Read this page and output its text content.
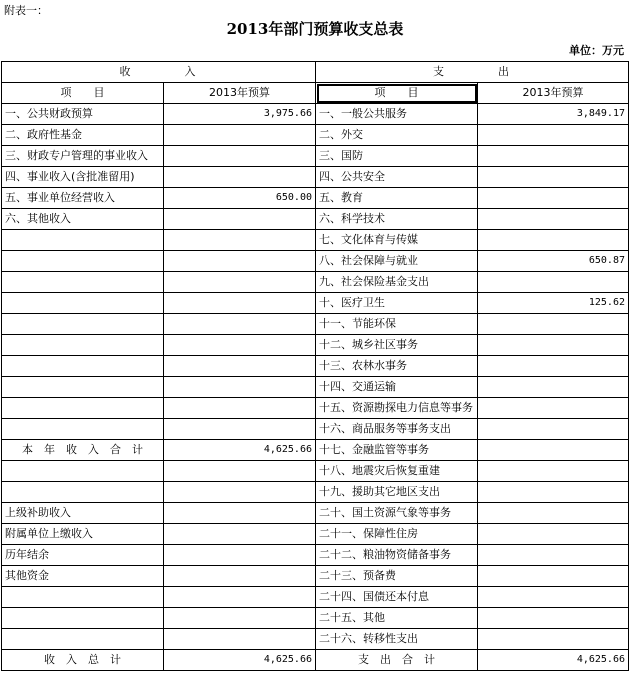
附表一：
2013年部门预算收支总表
单位：万元
收　　　　入		支　　　　出	
项　　目	2013年预算	项　　目	2013年预算
一、公共财政预算	3,975.66	一、一般公共服务	3,849.17
二、政府性基金		二、外交	
三、财政专户管理的事业收入		三、国防	
四、事业收入(含批准留用)		四、公共安全	
五、事业单位经营收入	650.00	五、教育	
六、其他收入		六、科学技术	
		七、文化体育与传媒	
		八、社会保障与就业	650.87
		九、社会保险基金支出	
		十、医疗卫生	125.62
		十一、节能环保	
		十二、城乡社区事务	
		十三、农林水事务	
		十四、交通运输	
		十五、资源勘探电力信息等事务	
		十六、商品服务等事务支出	
本　年　收　入　合　计	4,625.66	十七、金融监管等事务	
		十八、地震灾后恢复重建	
		十九、援助其它地区支出	
上级补助收入		二十、国土资源气象等事务	
附属单位上缴收入		二十一、保障性住房	
历年结余		二十二、粮油物资储备事务	
其他资金		二十三、预备费	
		二十四、国债还本付息	
		二十五、其他	
		二十六、转移性支出	
收　入　总　计	4,625.66	支　出　合　计	4,625.66
